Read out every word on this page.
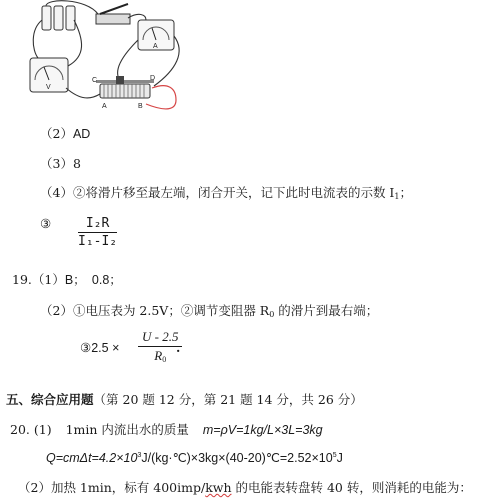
A
V
C	D
A	B
（2）AD
（3）8
（4）②将滑片移至最左端，闭合开关，记下此时电流表的示数 I1；
③ $\frac{\text{I₂R}}{\text{I₁-I₂}}$
19.（1）B；　0.8；
（2）①电压表为 2.5V；②调节变阻器 R0 的滑片到最右端；
③2.5 × $\frac{U - 2.5}{R0}$
.
五、综合应用题（第 20 题 12 分，第 21 题 14 分，共 26 分）
20. (1) 1min 内流出水的质量 m=ρV=1kg/L×3L=3kg
$Q=cm\Delta t=4.2\times 10^3J/(kg\cdot℃)\times 3kg\times(40-20)℃=2.52\times 10^5J$
（2）加热 1min，标有 400imp/kwh 的电能表转盘转 40 转，则消耗的电能为：
